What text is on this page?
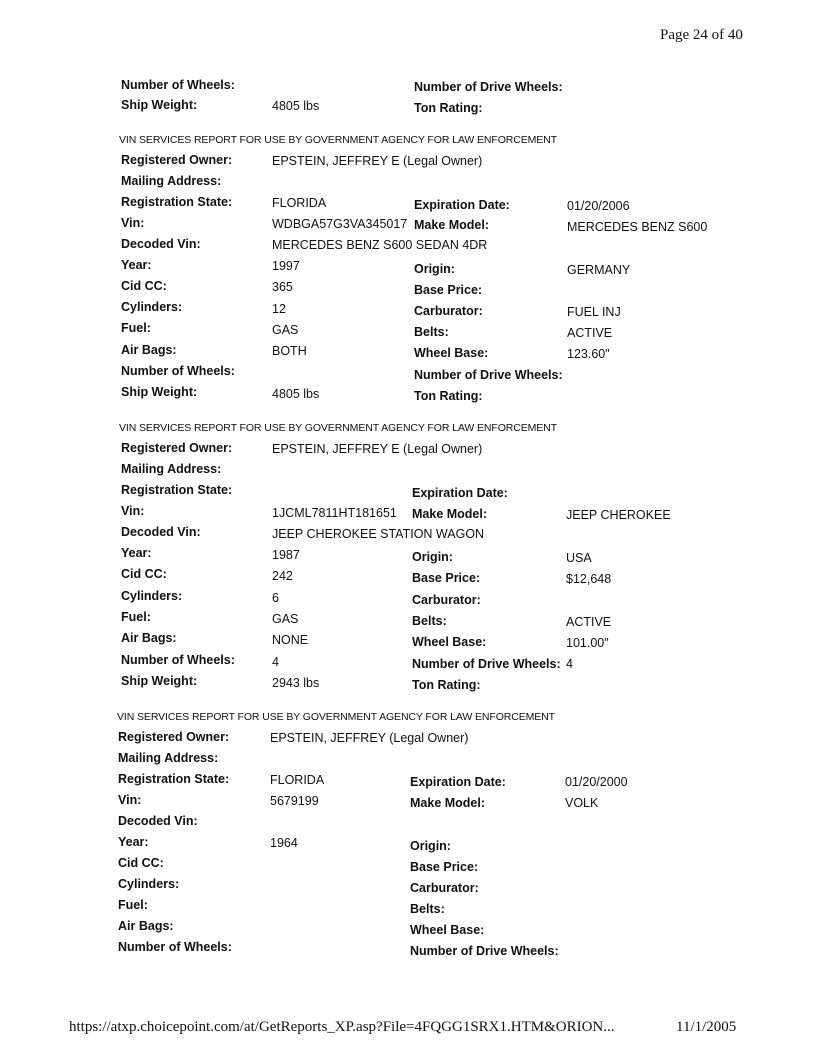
Page 24 of 40
Number of Wheels:	Number of Drive Wheels:
Ship Weight:	4805 lbs	Ton Rating:
VIN SERVICES REPORT FOR USE BY GOVERNMENT AGENCY FOR LAW ENFORCEMENT
Registered Owner:	EPSTEIN, JEFFREY E (Legal Owner)
Mailing Address:
Registration State:	FLORIDA	Expiration Date:	01/20/2006
Vin:	WDBGA57G3VA345017 Make Model:	MERCEDES BENZ S600
Decoded Vin:	MERCEDES BENZ S600 SEDAN 4DR
Year:	1997	Origin:	GERMANY
Cid CC:	365	Base Price:
Cylinders:	12	Carburator:	FUEL INJ
Fuel:	GAS	Belts:	ACTIVE
Air Bags:	BOTH	Wheel Base:	123.60"
Number of Wheels:	Number of Drive Wheels:
Ship Weight:	4805 lbs	Ton Rating:
VIN SERVICES REPORT FOR USE BY GOVERNMENT AGENCY FOR LAW ENFORCEMENT
Registered Owner:	EPSTEIN, JEFFREY E (Legal Owner)
Mailing Address:
Registration State:	Expiration Date:
Vin:	1JCML7811HT181651 Make Model:	JEEP CHEROKEE
Decoded Vin:	JEEP CHEROKEE STATION WAGON
Year:	1987	Origin:	USA
Cid CC:	242	Base Price:	$12,648
Cylinders:	6	Carburator:
Fuel:	GAS	Belts:	ACTIVE
Air Bags:	NONE	Wheel Base:	101.00"
Number of Wheels:	4	Number of Drive Wheels: 4
Ship Weight:	2943 lbs	Ton Rating:
VIN SERVICES REPORT FOR USE BY GOVERNMENT AGENCY FOR LAW ENFORCEMENT
Registered Owner:	EPSTEIN, JEFFREY (Legal Owner)
Mailing Address:
Registration State:	FLORIDA	Expiration Date:	01/20/2000
Vin:	5679199	Make Model:	VOLK
Decoded Vin:
Year:	1964	Origin:
Cid CC:	Base Price:
Cylinders:	Carburator:
Fuel:	Belts:
Air Bags:	Wheel Base:
Number of Wheels:	Number of Drive Wheels:
https://atxp.choicepoint.com/at/GetReports_XP.asp?File=4FQGG1SRX1.HTM&ORION...	11/1/2005
